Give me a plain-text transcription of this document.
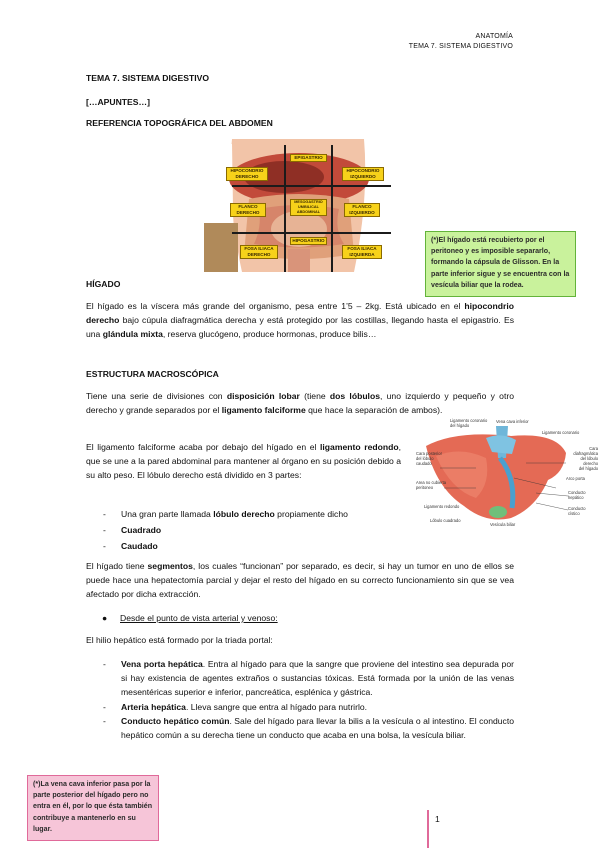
ANATOMÍA
TEMA 7. SISTEMA DIGESTIVO
TEMA 7. SISTEMA DIGESTIVO
[…APUNTES…]
REFERENCIA TOPOGRÁFICA DEL ABDOMEN
EPIGASTRIO
HIPOCONDRIO
DERECHO
HIPOCONDRIO
IZQUIERDO
FLANCO
DERECHO
MESOGASTRIO
UMBILICAL
ABDOMINAL
FLANCO
IZQUIERDO
HIPOGASTRIO
FOSA ILIACA
DERECHO
FOSA ILIACA
IZQUIERDA
(*)El hígado está recubierto por el peritoneo y es imposible separarlo, formando la cápsula de Glisson. En la parte inferior sigue y se encuentra con la vesícula biliar que la rodea.
HÍGADO
El hígado es la víscera más grande del organismo, pesa entre 1’5 – 2kg. Está ubicado en el hipocondrio derecho bajo cúpula diafragmática derecha y está protegido por las costillas, llegando hasta el epigastrio. Es una glándula mixta, reserva glucógeno, produce hormonas, produce bilis…
ESTRUCTURA MACROSCÓPICA
Tiene una serie de divisiones con disposición lobar (tiene dos lóbulos, uno izquierdo y pequeño y otro derecho y grande separados por el ligamento falciforme que hace la separación de ambos).
El ligamento falciforme acaba por debajo del hígado en el ligamento redondo, que se une a la pared abdominal para mantener al órgano en su posición debido a su alto peso. El lóbulo derecho está dividido en 3 partes:
- Una gran parte llamada lóbulo derecho propiamente dicho
- Cuadrado
- Caudado
Ligamento coronario
del hígado
Vena cava inferior
Ligamento coronario
Cara diafragmática
del lóbulo derecho
del hígado
Cara posterior
del lóbulo
caudado
Area no cubierta
peritoneo
Arco porta
Conducto
hepático
Conducto
cístico
Ligamento redondo
Lóbulo cuadrado
Vesícula biliar
El hígado tiene segmentos, los cuales “funcionan” por separado, es decir, si hay un tumor en uno de ellos se puede hace una hepatectomía parcial y dejar el resto del hígado en su correcto funcionamiento sin que se vea afectado por dicha extracción.
● Desde el punto de vista arterial y venoso:
El hilio hepático está formado por la triada portal:
- Vena porta hepática. Entra al hígado para que la sangre que proviene del intestino sea depurada por si hay existencia de agentes extraños o sustancias tóxicas. Está formada por la unión de las venas mesentéricas superior e inferior, pancreática, esplénica y gástrica.
- Arteria hepática. Lleva sangre que entra al hígado para nutrirlo.
- Conducto hepático común. Sale del hígado para llevar la bilis a la vesícula o al intestino. El conducto hepático común a su derecha tiene un conducto que acaba en una bolsa, la vesícula biliar.
(*)La vena cava inferior pasa por la parte posterior del hígado pero no entra en él, por lo que ésta también contribuye a mantenerlo en su lugar.
1
